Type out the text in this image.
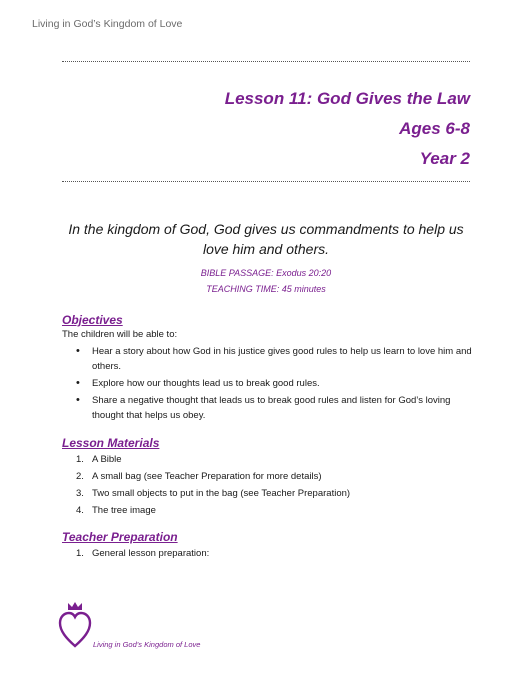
Living in God’s Kingdom of Love
Lesson 11: God Gives the Law
Ages 6-8
Year 2
In the kingdom of God, God gives us commandments to help us love him and others.
BIBLE PASSAGE: Exodus 20:20
TEACHING TIME: 45 minutes
Objectives
The children will be able to:
• Hear a story about how God in his justice gives good rules to help us learn to love him and others.
• Explore how our thoughts lead us to break good rules.
• Share a negative thought that leads us to break good rules and listen for God’s loving thought that helps us obey.
Lesson Materials
1. A Bible
2. A small bag (see Teacher Preparation for more details)
3. Two small objects to put in the bag (see Teacher Preparation)
4. The tree image
Teacher Preparation
1. General lesson preparation:
Living in God’s Kingdom of Love
